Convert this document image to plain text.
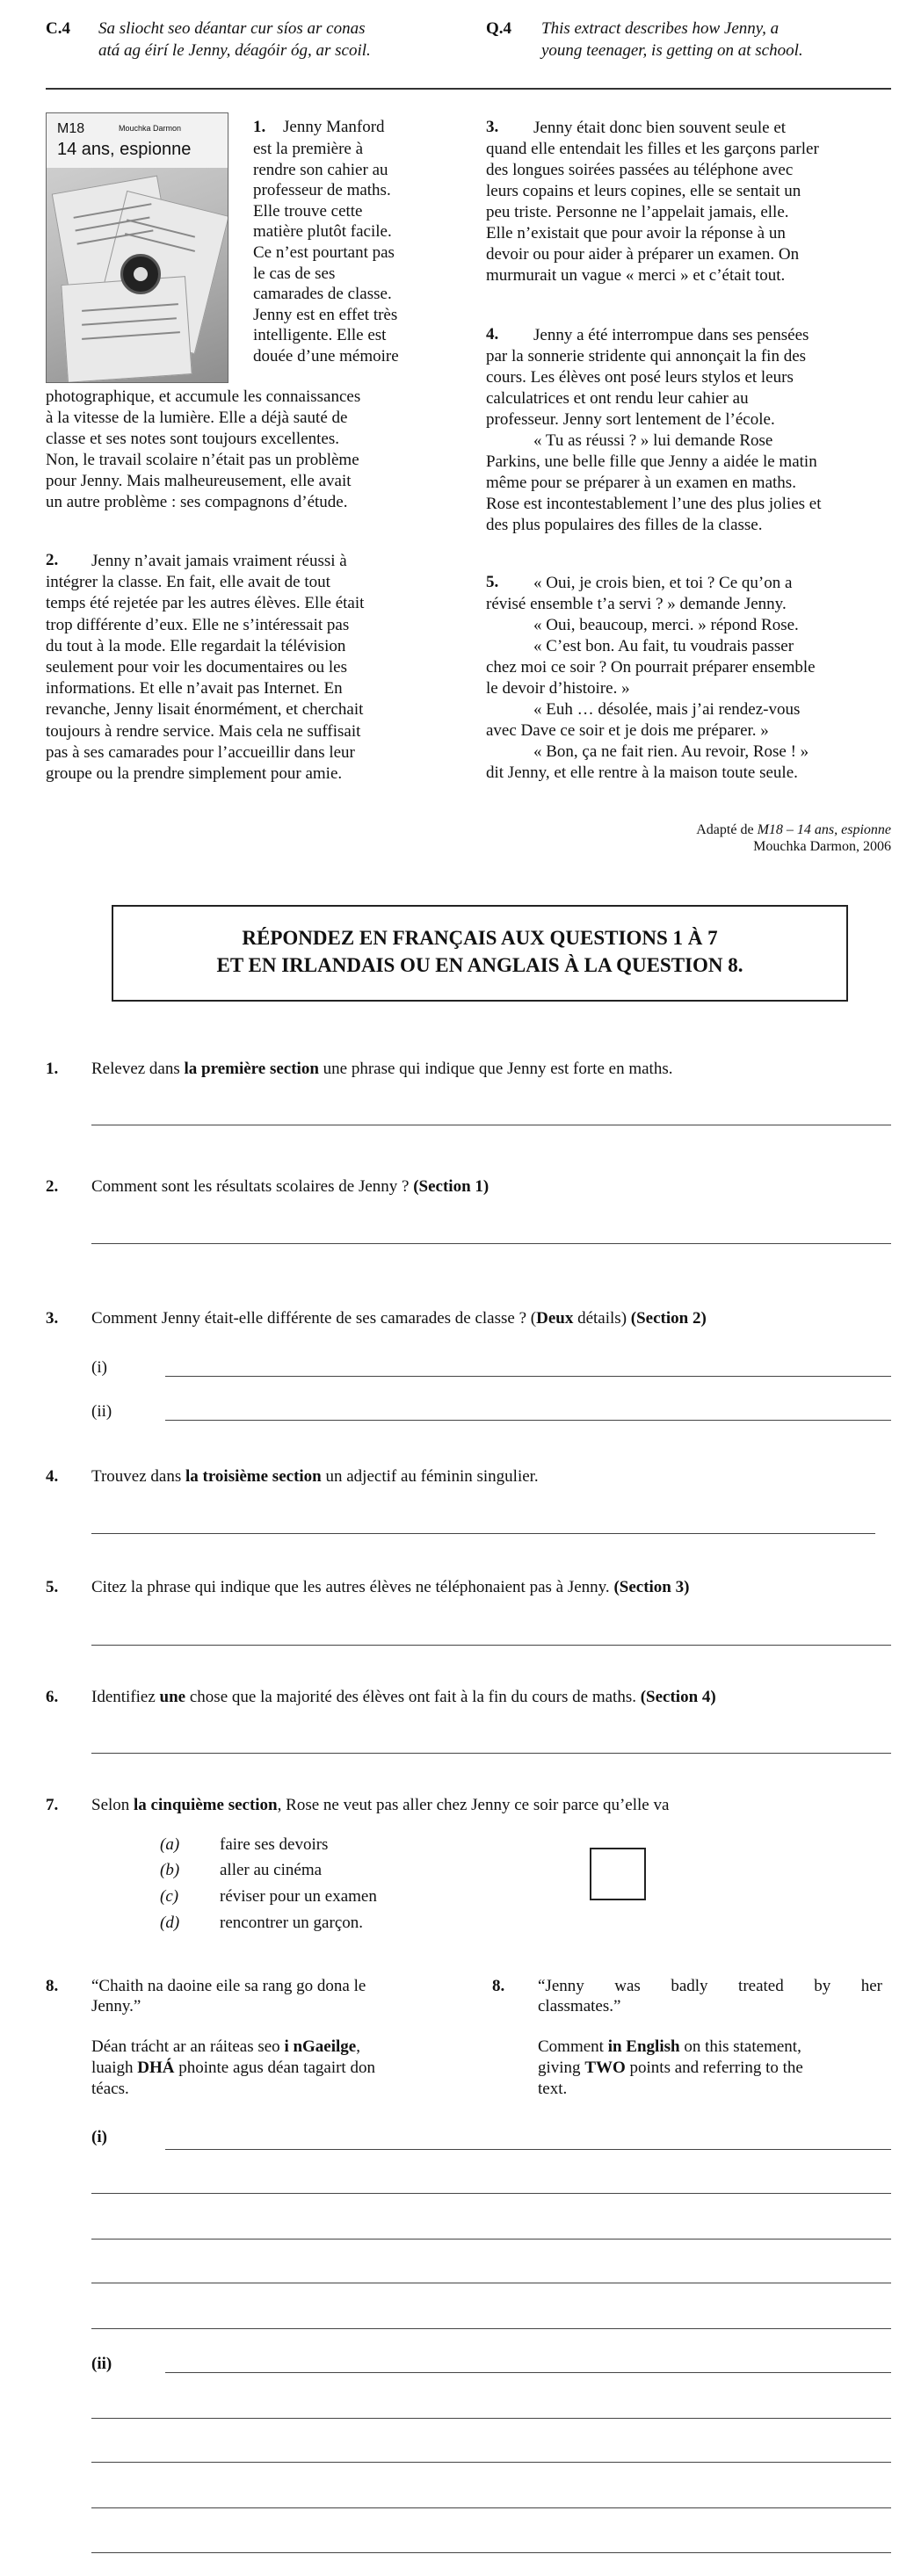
C.4 Sa sliocht seo déantar cur síos ar conas
atá ag éirí le Jenny, déagóir óg, ar scoil.
Q.4 This extract describes how Jenny, a
young teenager, is getting on at school.
M18	Mouchka Darmon
14 ans, espionne
1.	Jenny Manford

est la première à

rendre son cahier au

professeur de maths.

Elle trouve cette

matière plutôt facile.

Ce n’est pourtant pas

le cas de ses

camarades de classe.

Jenny est en effet très

intelligente. Elle est

douée d’une mémoire

photographique, et accumule les connaissances

à la vitesse de la lumière. Elle a déjà sauté de

classe et ses notes sont toujours excellentes.

Non, le travail scolaire n’était pas un problème

pour Jenny. Mais malheureusement, elle avait

un autre problème : ses compagnons d’étude.

2.	Jenny n’avait jamais vraiment réussi à

intégrer la classe. En fait, elle avait de tout

temps été rejetée par les autres élèves. Elle était

trop différente d’eux. Elle ne s’intéressait pas

du tout à la mode. Elle regardait la télévision

seulement pour voir les documentaires ou les

informations. Et elle n’avait pas Internet. En

revanche, Jenny lisait énormément, et cherchait

toujours à rendre service. Mais cela ne suffisait

pas à ses camarades pour l’accueillir dans leur

groupe ou la prendre simplement pour amie.

3.	Jenny était donc bien souvent seule et

quand elle entendait les filles et les garçons parler

des longues soirées passées au téléphone avec

leurs copains et leurs copines, elle se sentait un

peu triste. Personne ne l’appelait jamais, elle.

Elle n’existait que pour avoir la réponse à un

devoir ou pour aider à préparer un examen. On

murmurait un vague « merci » et c’était tout.

4.	Jenny a été interrompue dans ses pensées

par la sonnerie stridente qui annonçait la fin des

cours. Les élèves ont posé leurs stylos et leurs

calculatrices et ont rendu leur cahier au

professeur. Jenny sort lentement de l’école.

« Tu as réussi ? » lui demande Rose

Parkins, une belle fille que Jenny a aidée le matin

même pour se préparer à un examen en maths.

Rose est incontestablement l’une des plus jolies et

des plus populaires des filles de la classe.

5.	« Oui, je crois bien, et toi ? Ce qu’on a

révisé ensemble t’a servi ? » demande Jenny.

« Oui, beaucoup, merci. » répond Rose.

« C’est bon. Au fait, tu voudrais passer

chez moi ce soir ? On pourrait préparer ensemble

le devoir d’histoire. »

« Euh … désolée, mais j’ai rendez-vous

avec Dave ce soir et je dois me préparer. »

« Bon, ça ne fait rien. Au revoir, Rose ! »

dit Jenny, et elle rentre à la maison toute seule.

Adapté de M18 – 14 ans, espionne
Mouchka Darmon, 2006
RÉPONDEZ EN FRANÇAIS AUX QUESTIONS 1 À 7
ET EN IRLANDAIS OU EN ANGLAIS À LA QUESTION 8.
1. Relevez dans la première section une phrase qui indique que Jenny est forte en maths.
2. Comment sont les résultats scolaires de Jenny ? (Section 1)
3. Comment Jenny était-elle différente de ses camarades de classe ? (Deux détails) (Section 2)
(i)
(ii)
4. Trouvez dans la troisième section un adjectif au féminin singulier.
5. Citez la phrase qui indique que les autres élèves ne téléphonaient pas à Jenny. (Section 3)
6. Identifiez une chose que la majorité des élèves ont fait à la fin du cours de maths. (Section 4)
7. Selon la cinquième section, Rose ne veut pas aller chez Jenny ce soir parce qu’elle va
(a) faire ses devoirs
(b) aller au cinéma
(c) réviser pour un examen
(d) rencontrer un garçon.
8. “Chaith na daoine eile sa rang go dona le
Jenny.”
Déan trácht ar an ráiteas seo i nGaeilge,
luaigh DHÁ phointe agus déan tagairt don
téacs.
8. “Jenny was badly treated by her
classmates.”
Comment in English on this statement,
giving TWO points and referring to the
text.
(i)
(ii)
